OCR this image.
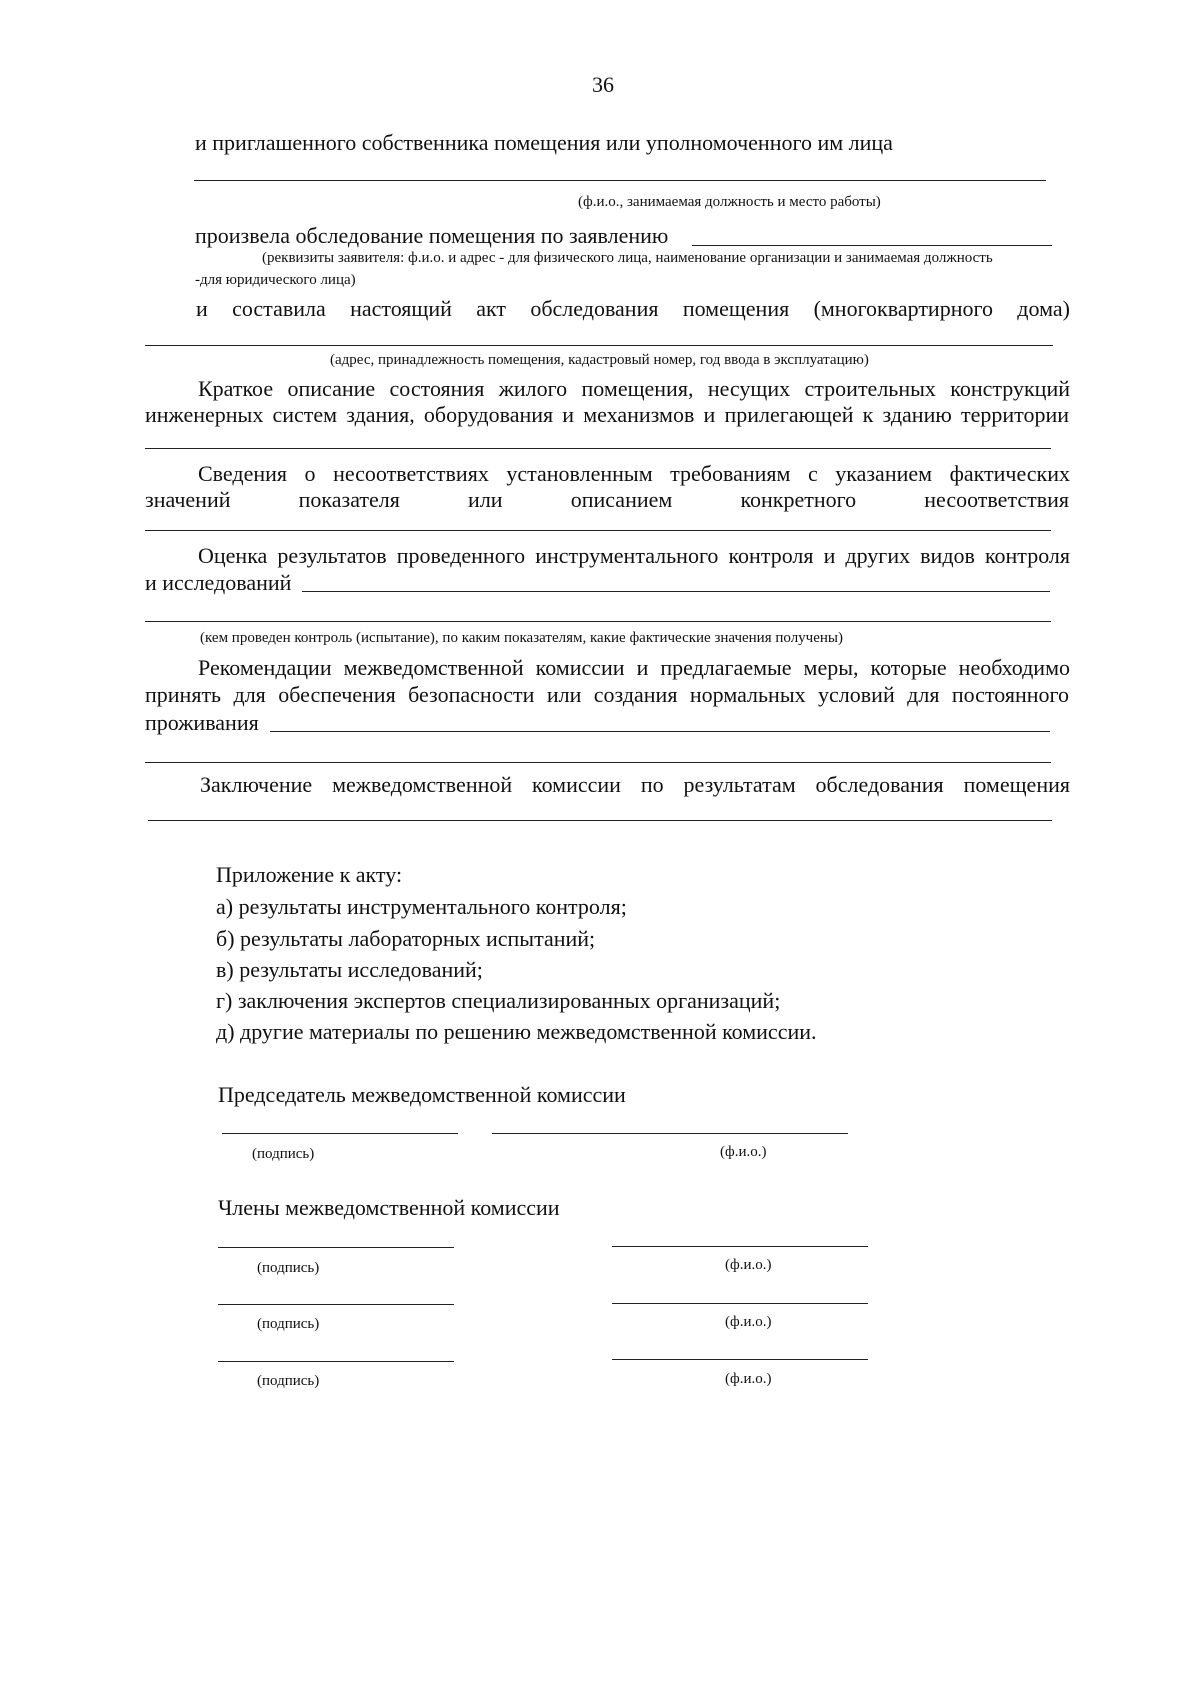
36
и приглашенного собственника помещения или уполномоченного им лица
(ф.и.о., занимаемая должность и место работы)
произвела обследование помещения по заявлению
(реквизиты заявителя: ф.и.о. и адрес - для физического лица, наименование организации и занимаемая должность
-для юридического лица)
и составила настоящий акт обследования помещения (многоквартирного дома)
(адрес, принадлежность помещения, кадастровый номер, год ввода в эксплуатацию)
Краткое описание состояния жилого помещения, несущих строительных конструкций
инженерных систем здания, оборудования и механизмов и прилегающей к зданию территории
Сведения о несоответствиях установленным требованиям с указанием фактических
значений	показателя	или	описанием	конкретного	несоответствия
Оценка результатов проведенного инструментального контроля и других видов контроля
и исследований
(кем проведен контроль (испытание), по каким показателям, какие фактические значения получены)
Рекомендации межведомственной комиссии и предлагаемые меры, которые необходимо
принять для обеспечения безопасности или создания нормальных условий для постоянного
проживания
Заключение межведомственной комиссии по результатам обследования помещения
Приложение к акту:
а) результаты инструментального контроля;
б) результаты лабораторных испытаний;
в) результаты исследований;
г) заключения экспертов специализированных организаций;
д) другие материалы по решению межведомственной комиссии.
Председатель межведомственной комиссии
(подпись)	(ф.и.о.)
Члены межведомственной комиссии
(подпись)	(ф.и.о.)
(подпись)	(ф.и.о.)
(подпись)	(ф.и.о.)
